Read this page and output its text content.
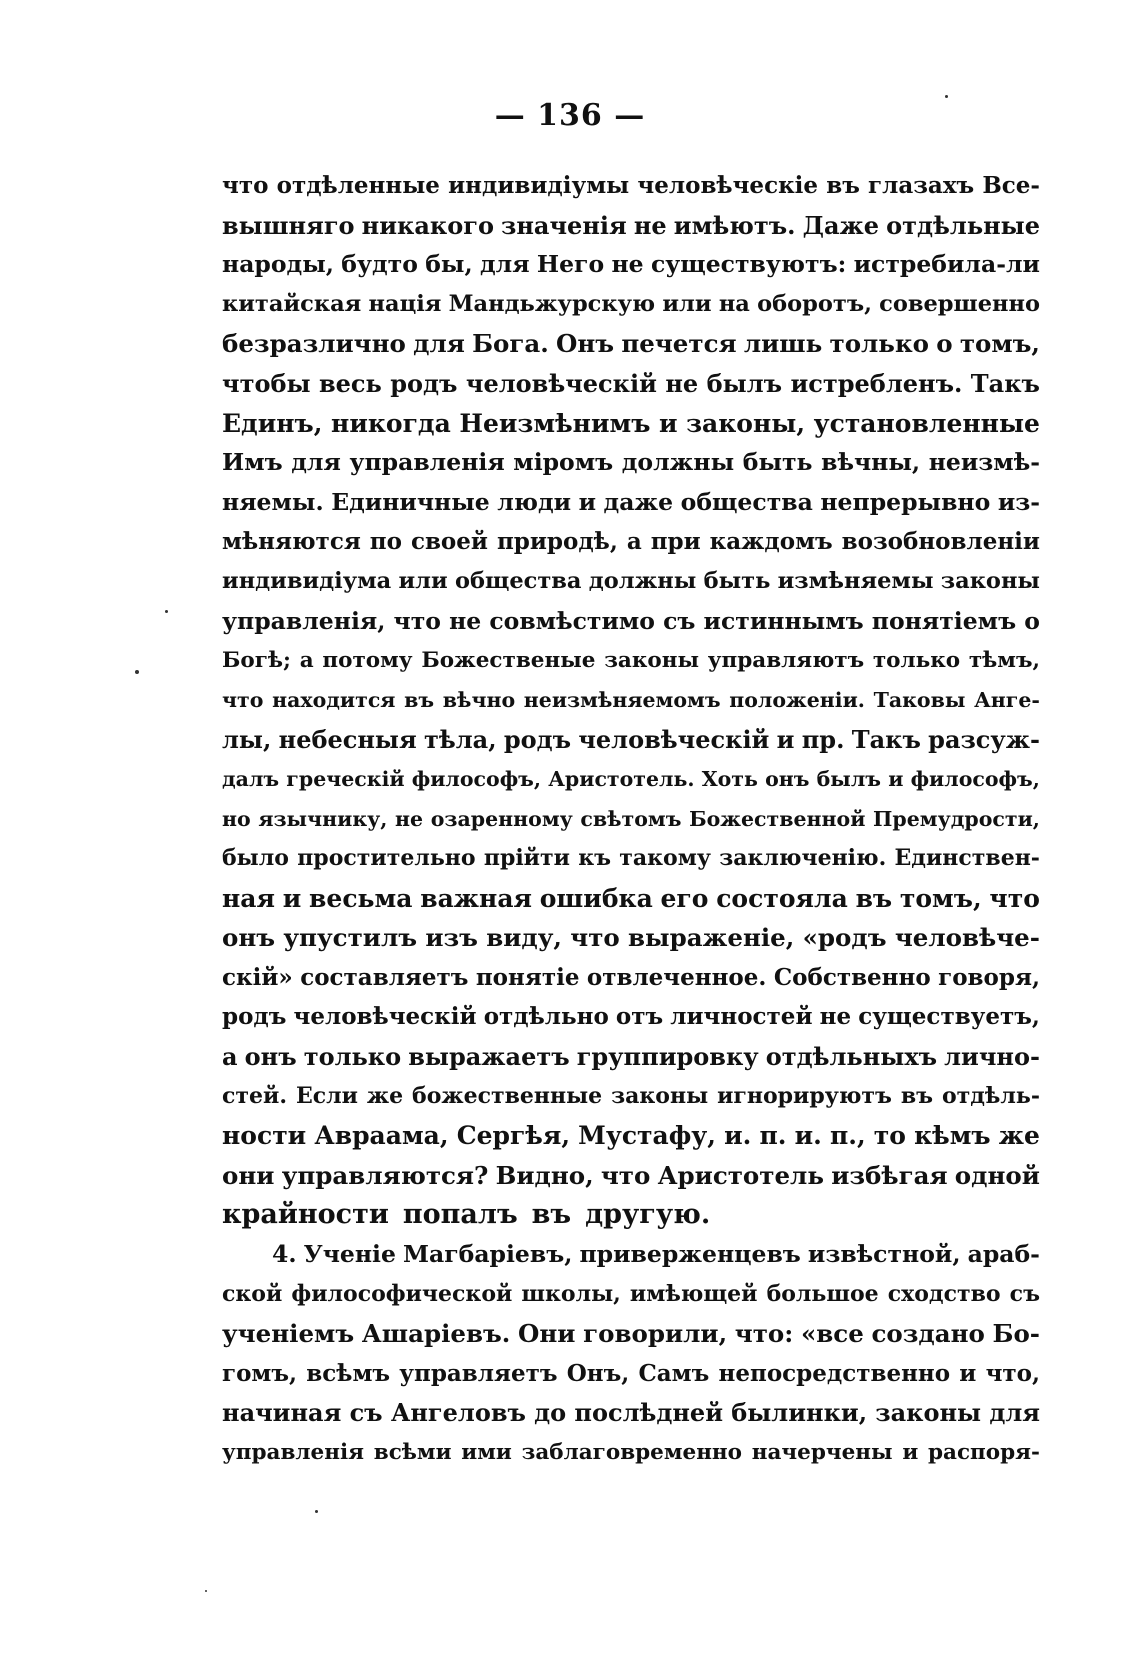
— 136 —

что отдѣленные индивидіумы человѣческіе въ глазахъ Все-
вышняго никакого значенія не имѣютъ. Даже отдѣльные
народы, будто бы, для Него не существуютъ: истребила-ли
китайская нація Мандьжурскую или на оборотъ, совершенно
безразлично для Бога. Онъ печется лишь только о томъ,
чтобы весь родъ человѣческій не былъ истребленъ. Такъ
Единъ, никогда Неизмѣнимъ и законы, установленные
Имъ для управленія міромъ должны быть вѣчны, неизмѣ-
няемы. Единичные люди и даже общества непрерывно из-
мѣняются по своей природѣ, а при каждомъ возобновленіи
индивидіума или общества должны быть измѣняемы законы
управленія, что не совмѣстимо съ истиннымъ понятіемъ о
Богѣ; а потому Божественые законы управляютъ только тѣмъ,
что находится въ вѣчно неизмѣняемомъ положеніи. Таковы Анге-
лы, небесныя тѣла, родъ человѣческій и пр. Такъ разсуж-
далъ греческій философъ, Аристотель. Хоть онъ былъ и философъ,
но язычнику, не озаренному свѣтомъ Божественной Премудрости,
было простительно прійти къ такому заключенію. Единствен-
ная и весьма важная ошибка его состояла въ томъ, что
онъ упустилъ изъ виду, что выраженіе, «родъ человѣче-
скій» составляетъ понятіе отвлеченное. Собственно говоря,
родъ человѣческій отдѣльно отъ личностей не существуетъ,
а онъ только выражаетъ группировку отдѣльныхъ лично-
стей. Если же божественные законы игнорируютъ въ отдѣль-
ности Авраама, Сергѣя, Мустафу, и. п. и. п., то кѣмъ же
они управляются? Видно, что Аристотель избѣгая одной
крайности попалъ въ другую.
4. Ученіе Магбаріевъ, приверженцевъ извѣстной, араб-
ской философической школы, имѣющей большое сходство съ
ученіемъ Ашаріевъ. Они говорили, что: «все создано Бо-
гомъ, всѣмъ управляетъ Онъ, Самъ непосредственно и что,
начиная съ Ангеловъ до послѣдней былинки, законы для
управленія всѣми ими заблаговременно начерчены и распоря-
